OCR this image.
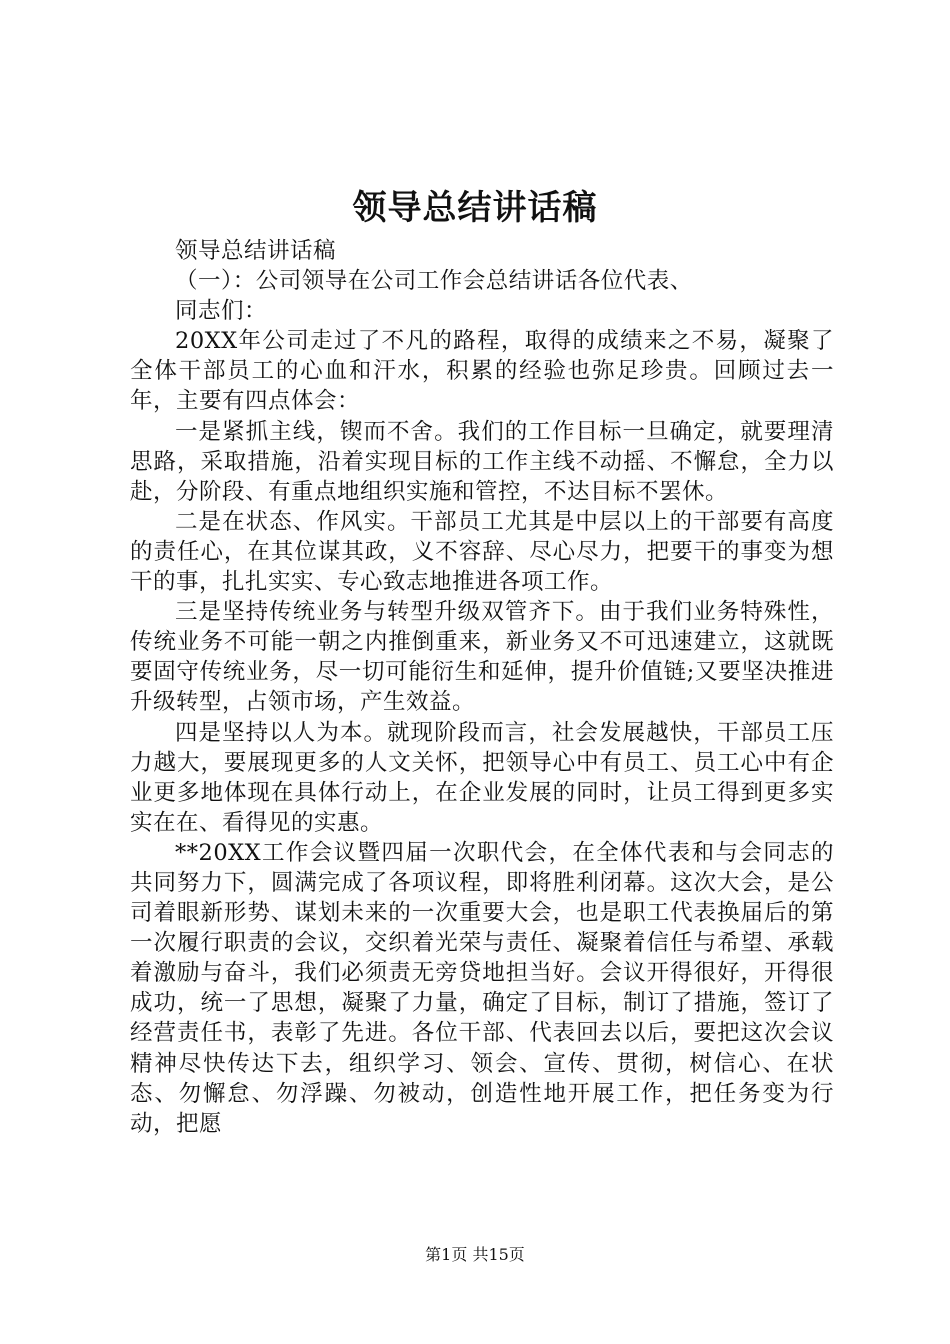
领导总结讲话稿

领导总结讲话稿

（一）：公司领导在公司工作会总结讲话各位代表、

同志们：

20XX年公司走过了不凡的路程，取得的成绩来之不易，凝聚了全体干部员工的心血和汗水，积累的经验也弥足珍贵。回顾过去一年，主要有四点体会：

一是紧抓主线，锲而不舍。我们的工作目标一旦确定，就要理清思路，采取措施，沿着实现目标的工作主线不动摇、不懈怠，全力以赴，分阶段、有重点地组织实施和管控，不达目标不罢休。

二是在状态、作风实。干部员工尤其是中层以上的干部要有高度的责任心，在其位谋其政，义不容辞、尽心尽力，把要干的事变为想干的事，扎扎实实、专心致志地推进各项工作。

三是坚持传统业务与转型升级双管齐下。由于我们业务特殊性，传统业务不可能一朝之内推倒重来，新业务又不可迅速建立，这就既要固守传统业务，尽一切可能衍生和延伸，提升价值链;又要坚决推进升级转型，占领市场，产生效益。

四是坚持以人为本。就现阶段而言，社会发展越快，干部员工压力越大，要展现更多的人文关怀，把领导心中有员工、员工心中有企业更多地体现在具体行动上，在企业发展的同时，让员工得到更多实实在在、看得见的实惠。

**20XX工作会议暨四届一次职代会，在全体代表和与会同志的共同努力下，圆满完成了各项议程，即将胜利闭幕。这次大会，是公司着眼新形势、谋划未来的一次重要大会，也是职工代表换届后的第一次履行职责的会议，交织着光荣与责任、凝聚着信任与希望、承载着激励与奋斗，我们必须责无旁贷地担当好。会议开得很好，开得很成功，统一了思想，凝聚了力量，确定了目标，制订了措施，签订了经营责任书，表彰了先进。各位干部、代表回去以后，要把这次会议精神尽快传达下去，组织学习、领会、宣传、贯彻，树信心、在状态、勿懈怠、勿浮躁、勿被动，创造性地开展工作，把任务变为行动，把愿

第1页 共15页
